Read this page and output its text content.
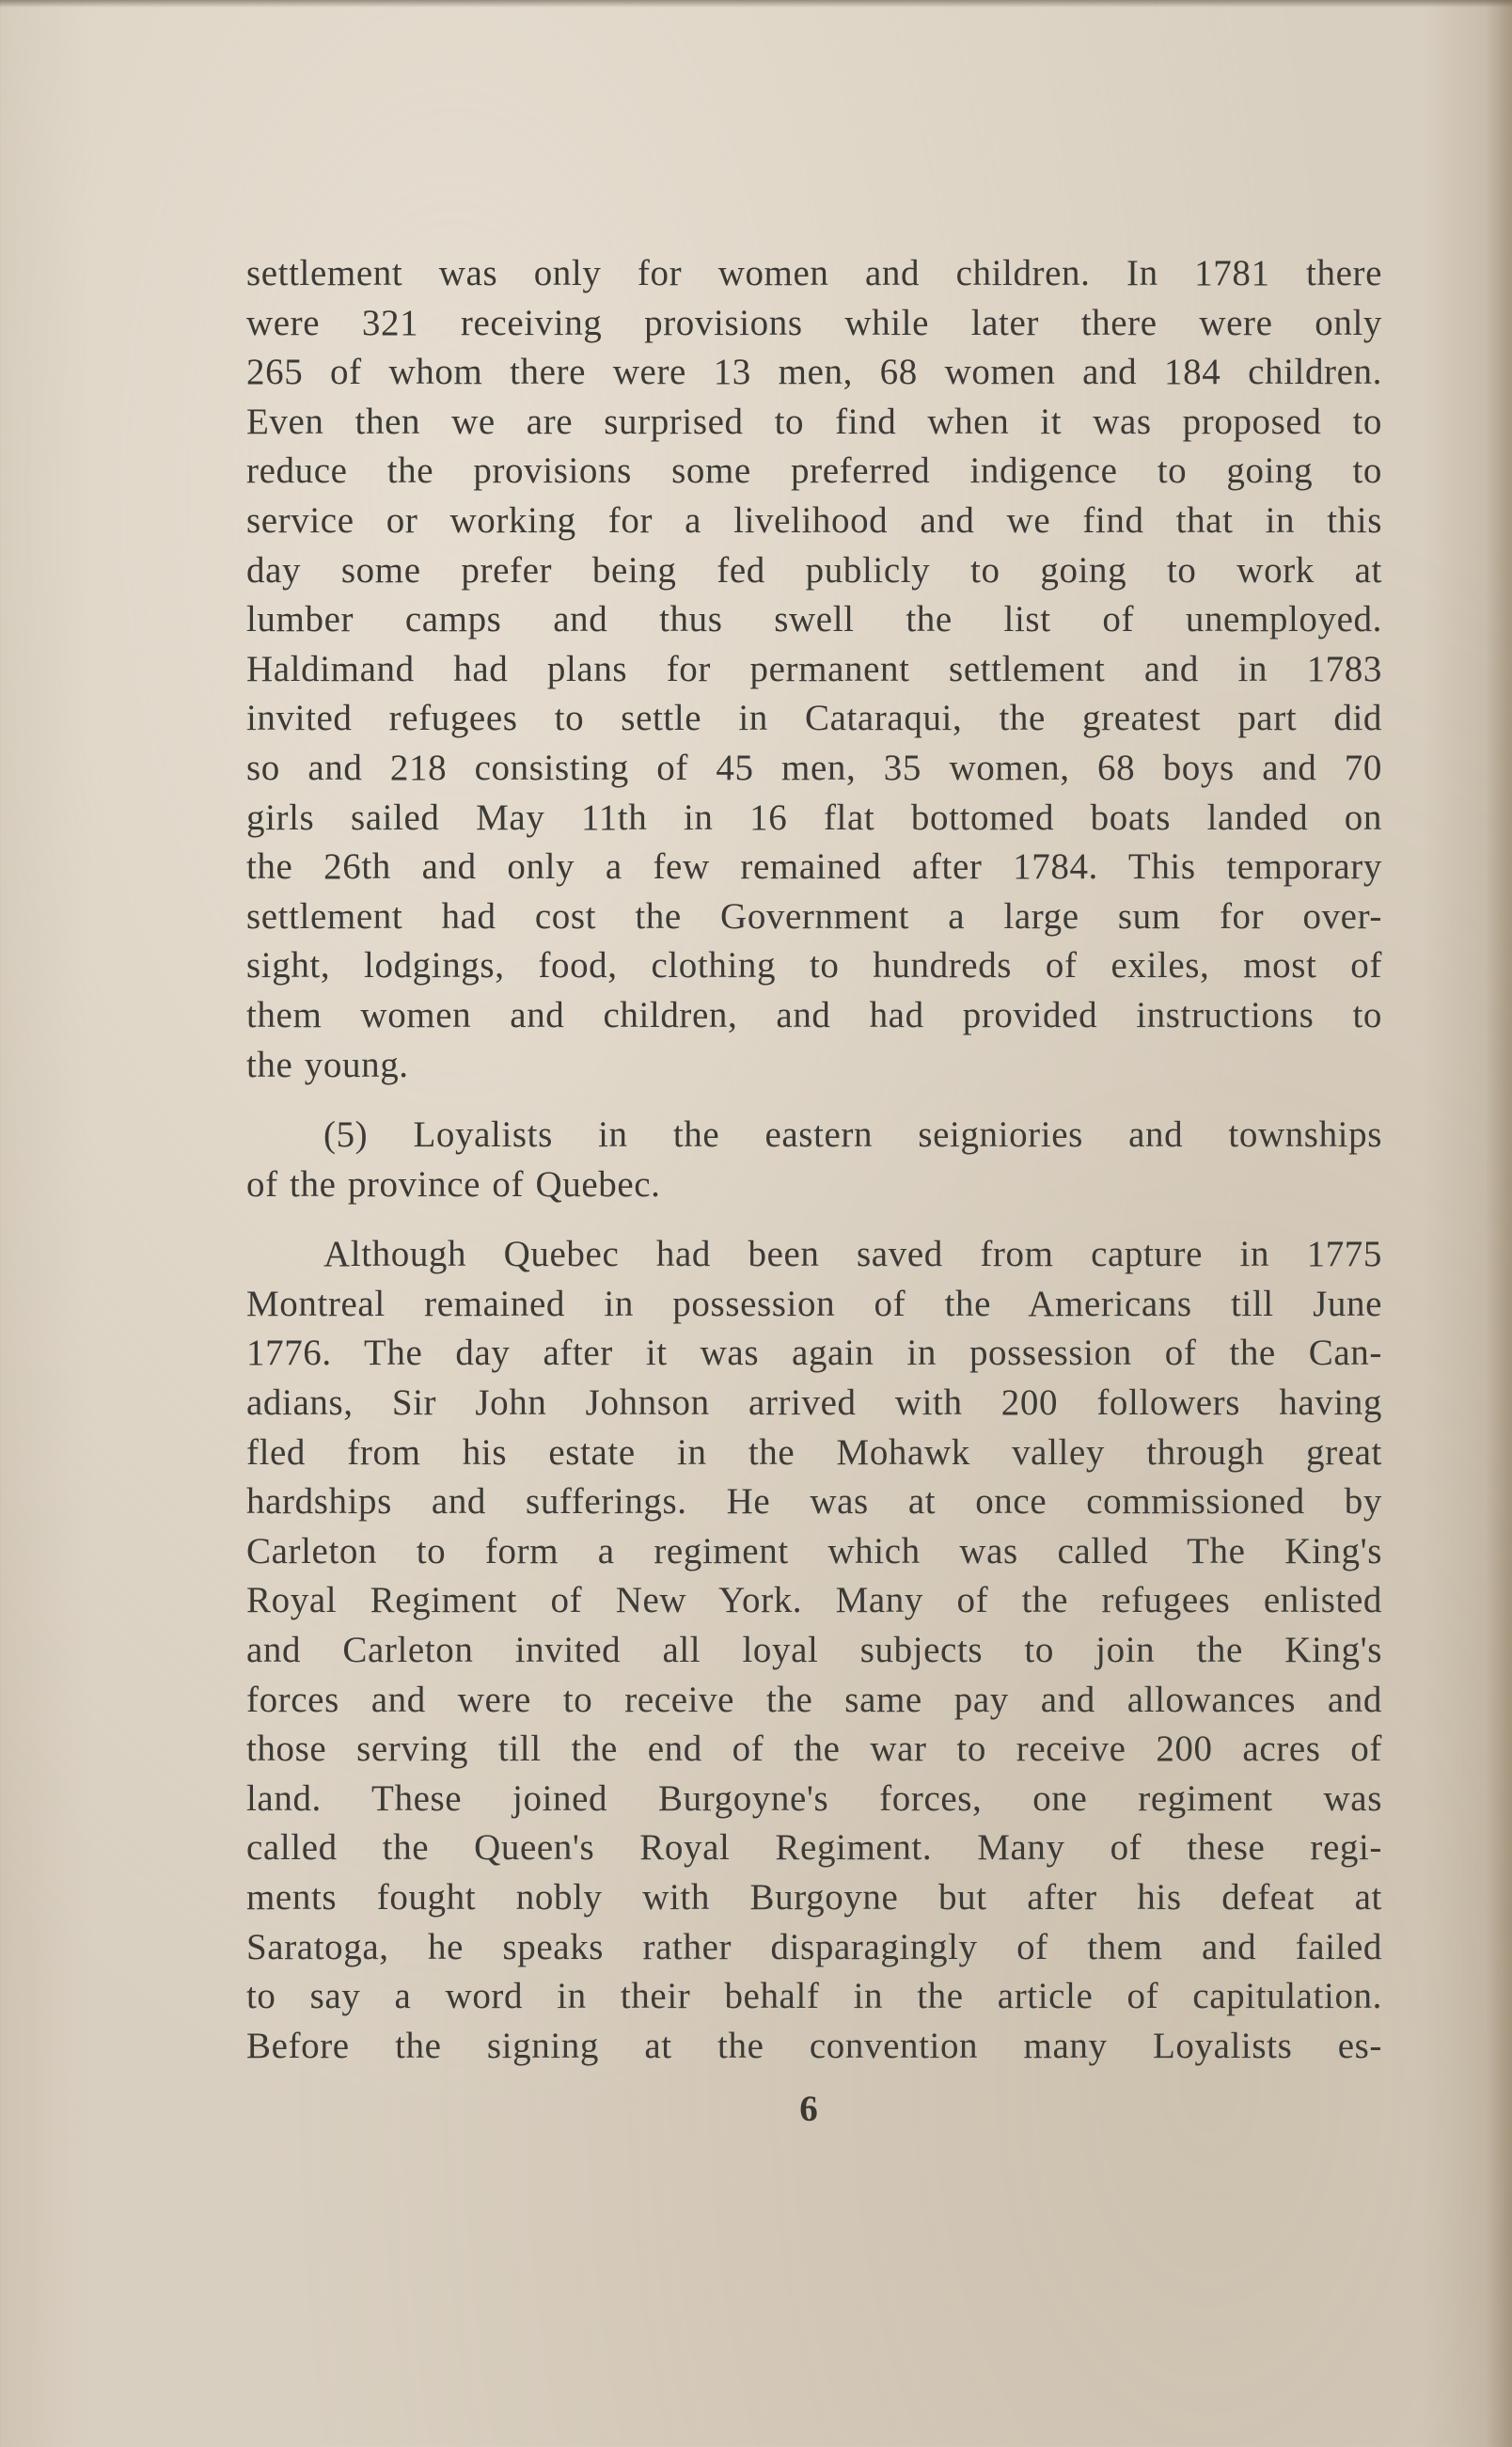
settlement was only for women and children. In 1781 there
were 321 receiving provisions while later there were only
265 of whom there were 13 men, 68 women and 184 children.
Even then we are surprised to find when it was proposed to
reduce the provisions some preferred indigence to going to
service or working for a livelihood and we find that in this
day some prefer being fed publicly to going to work at
lumber camps and thus swell the list of unemployed.
Haldimand had plans for permanent settlement and in 1783
invited refugees to settle in Cataraqui, the greatest part did
so and 218 consisting of 45 men, 35 women, 68 boys and 70
girls sailed May 11th in 16 flat bottomed boats landed on
the 26th and only a few remained after 1784. This temporary
settlement had cost the Government a large sum for over-
sight, lodgings, food, clothing to hundreds of exiles, most of
them women and children, and had provided instructions to
the young.
(5) Loyalists in the eastern seigniories and townships
of the province of Quebec.
Although Quebec had been saved from capture in 1775
Montreal remained in possession of the Americans till June
1776. The day after it was again in possession of the Can-
adians, Sir John Johnson arrived with 200 followers having
fled from his estate in the Mohawk valley through great
hardships and sufferings. He was at once commissioned by
Carleton to form a regiment which was called The King's
Royal Regiment of New York. Many of the refugees enlisted
and Carleton invited all loyal subjects to join the King's
forces and were to receive the same pay and allowances and
those serving till the end of the war to receive 200 acres of
land. These joined Burgoyne's forces, one regiment was
called the Queen's Royal Regiment. Many of these regi-
ments fought nobly with Burgoyne but after his defeat at
Saratoga, he speaks rather disparagingly of them and failed
to say a word in their behalf in the article of capitulation.
Before the signing at the convention many Loyalists es-
6
